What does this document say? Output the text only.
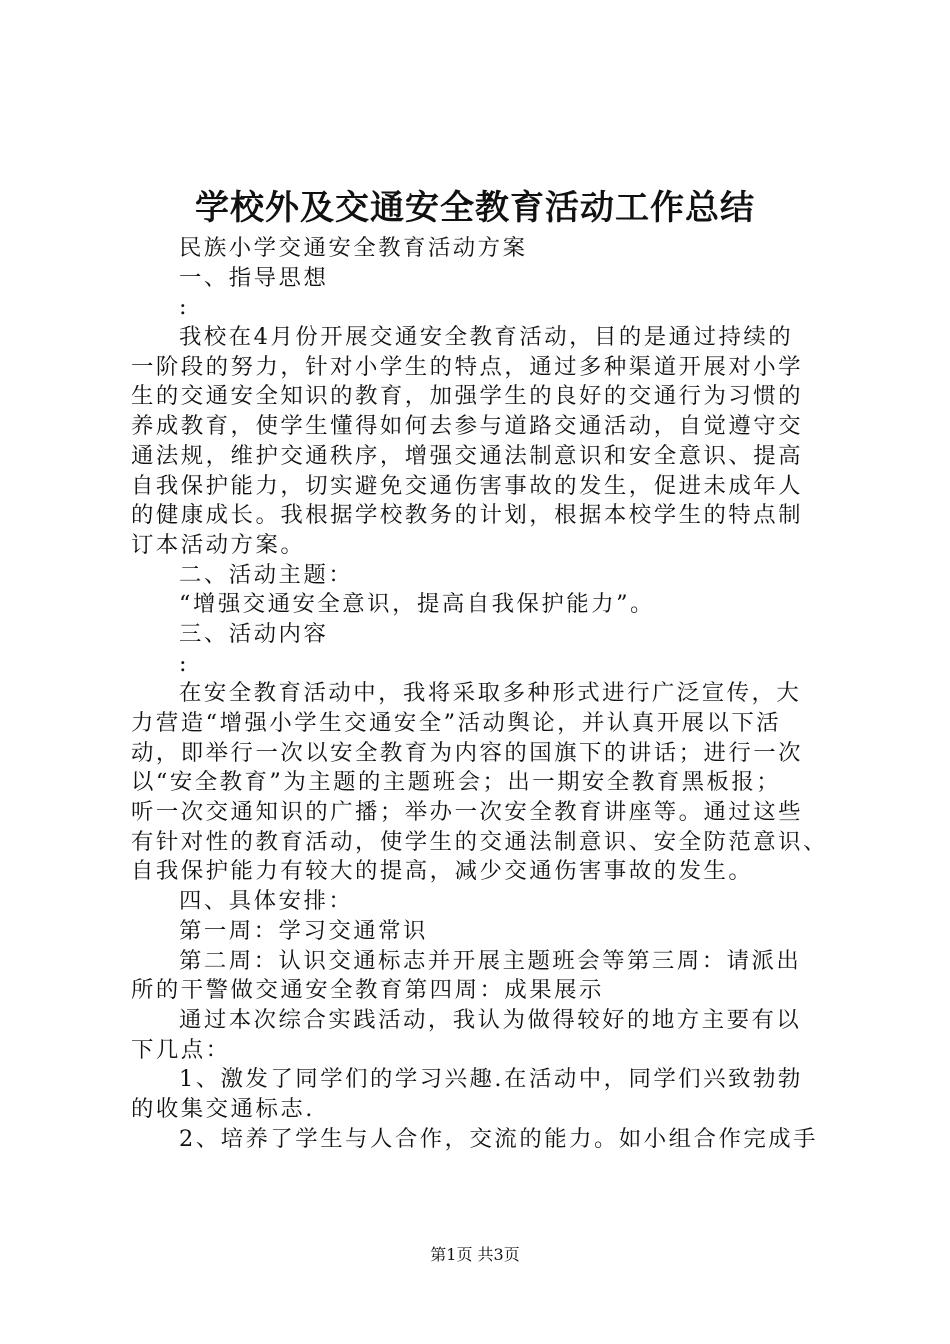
学校外及交通安全教育活动工作总结
民族小学交通安全教育活动方案
一、指导思想
:
我校在4月份开展交通安全教育活动，目的是通过持续的
一阶段的努力，针对小学生的特点，通过多种渠道开展对小学
生的交通安全知识的教育，加强学生的良好的交通行为习惯的
养成教育，使学生懂得如何去参与道路交通活动，自觉遵守交
通法规，维护交通秩序，增强交通法制意识和安全意识、提高
自我保护能力，切实避免交通伤害事故的发生，促进未成年人
的健康成长。我根据学校教务的计划，根据本校学生的特点制
订本活动方案。
二、活动主题：
“增强交通安全意识，提高自我保护能力”。
三、活动内容
:
在安全教育活动中，我将采取多种形式进行广泛宣传，大
力营造“增强小学生交通安全”活动舆论，并认真开展以下活
动，即举行一次以安全教育为内容的国旗下的讲话；进行一次
以“安全教育”为主题的主题班会；出一期安全教育黑板报；
听一次交通知识的广播；举办一次安全教育讲座等。通过这些
有针对性的教育活动，使学生的交通法制意识、安全防范意识、
自我保护能力有较大的提高，减少交通伤害事故的发生。
四、具体安排：
第一周：学习交通常识
第二周：认识交通标志并开展主题班会等第三周：请派出
所的干警做交通安全教育第四周：成果展示
通过本次综合实践活动，我认为做得较好的地方主要有以
下几点：
1、激发了同学们的学习兴趣.在活动中，同学们兴致勃勃
的收集交通标志.
2、培养了学生与人合作，交流的能力。如小组合作完成手
第1页 共3页
